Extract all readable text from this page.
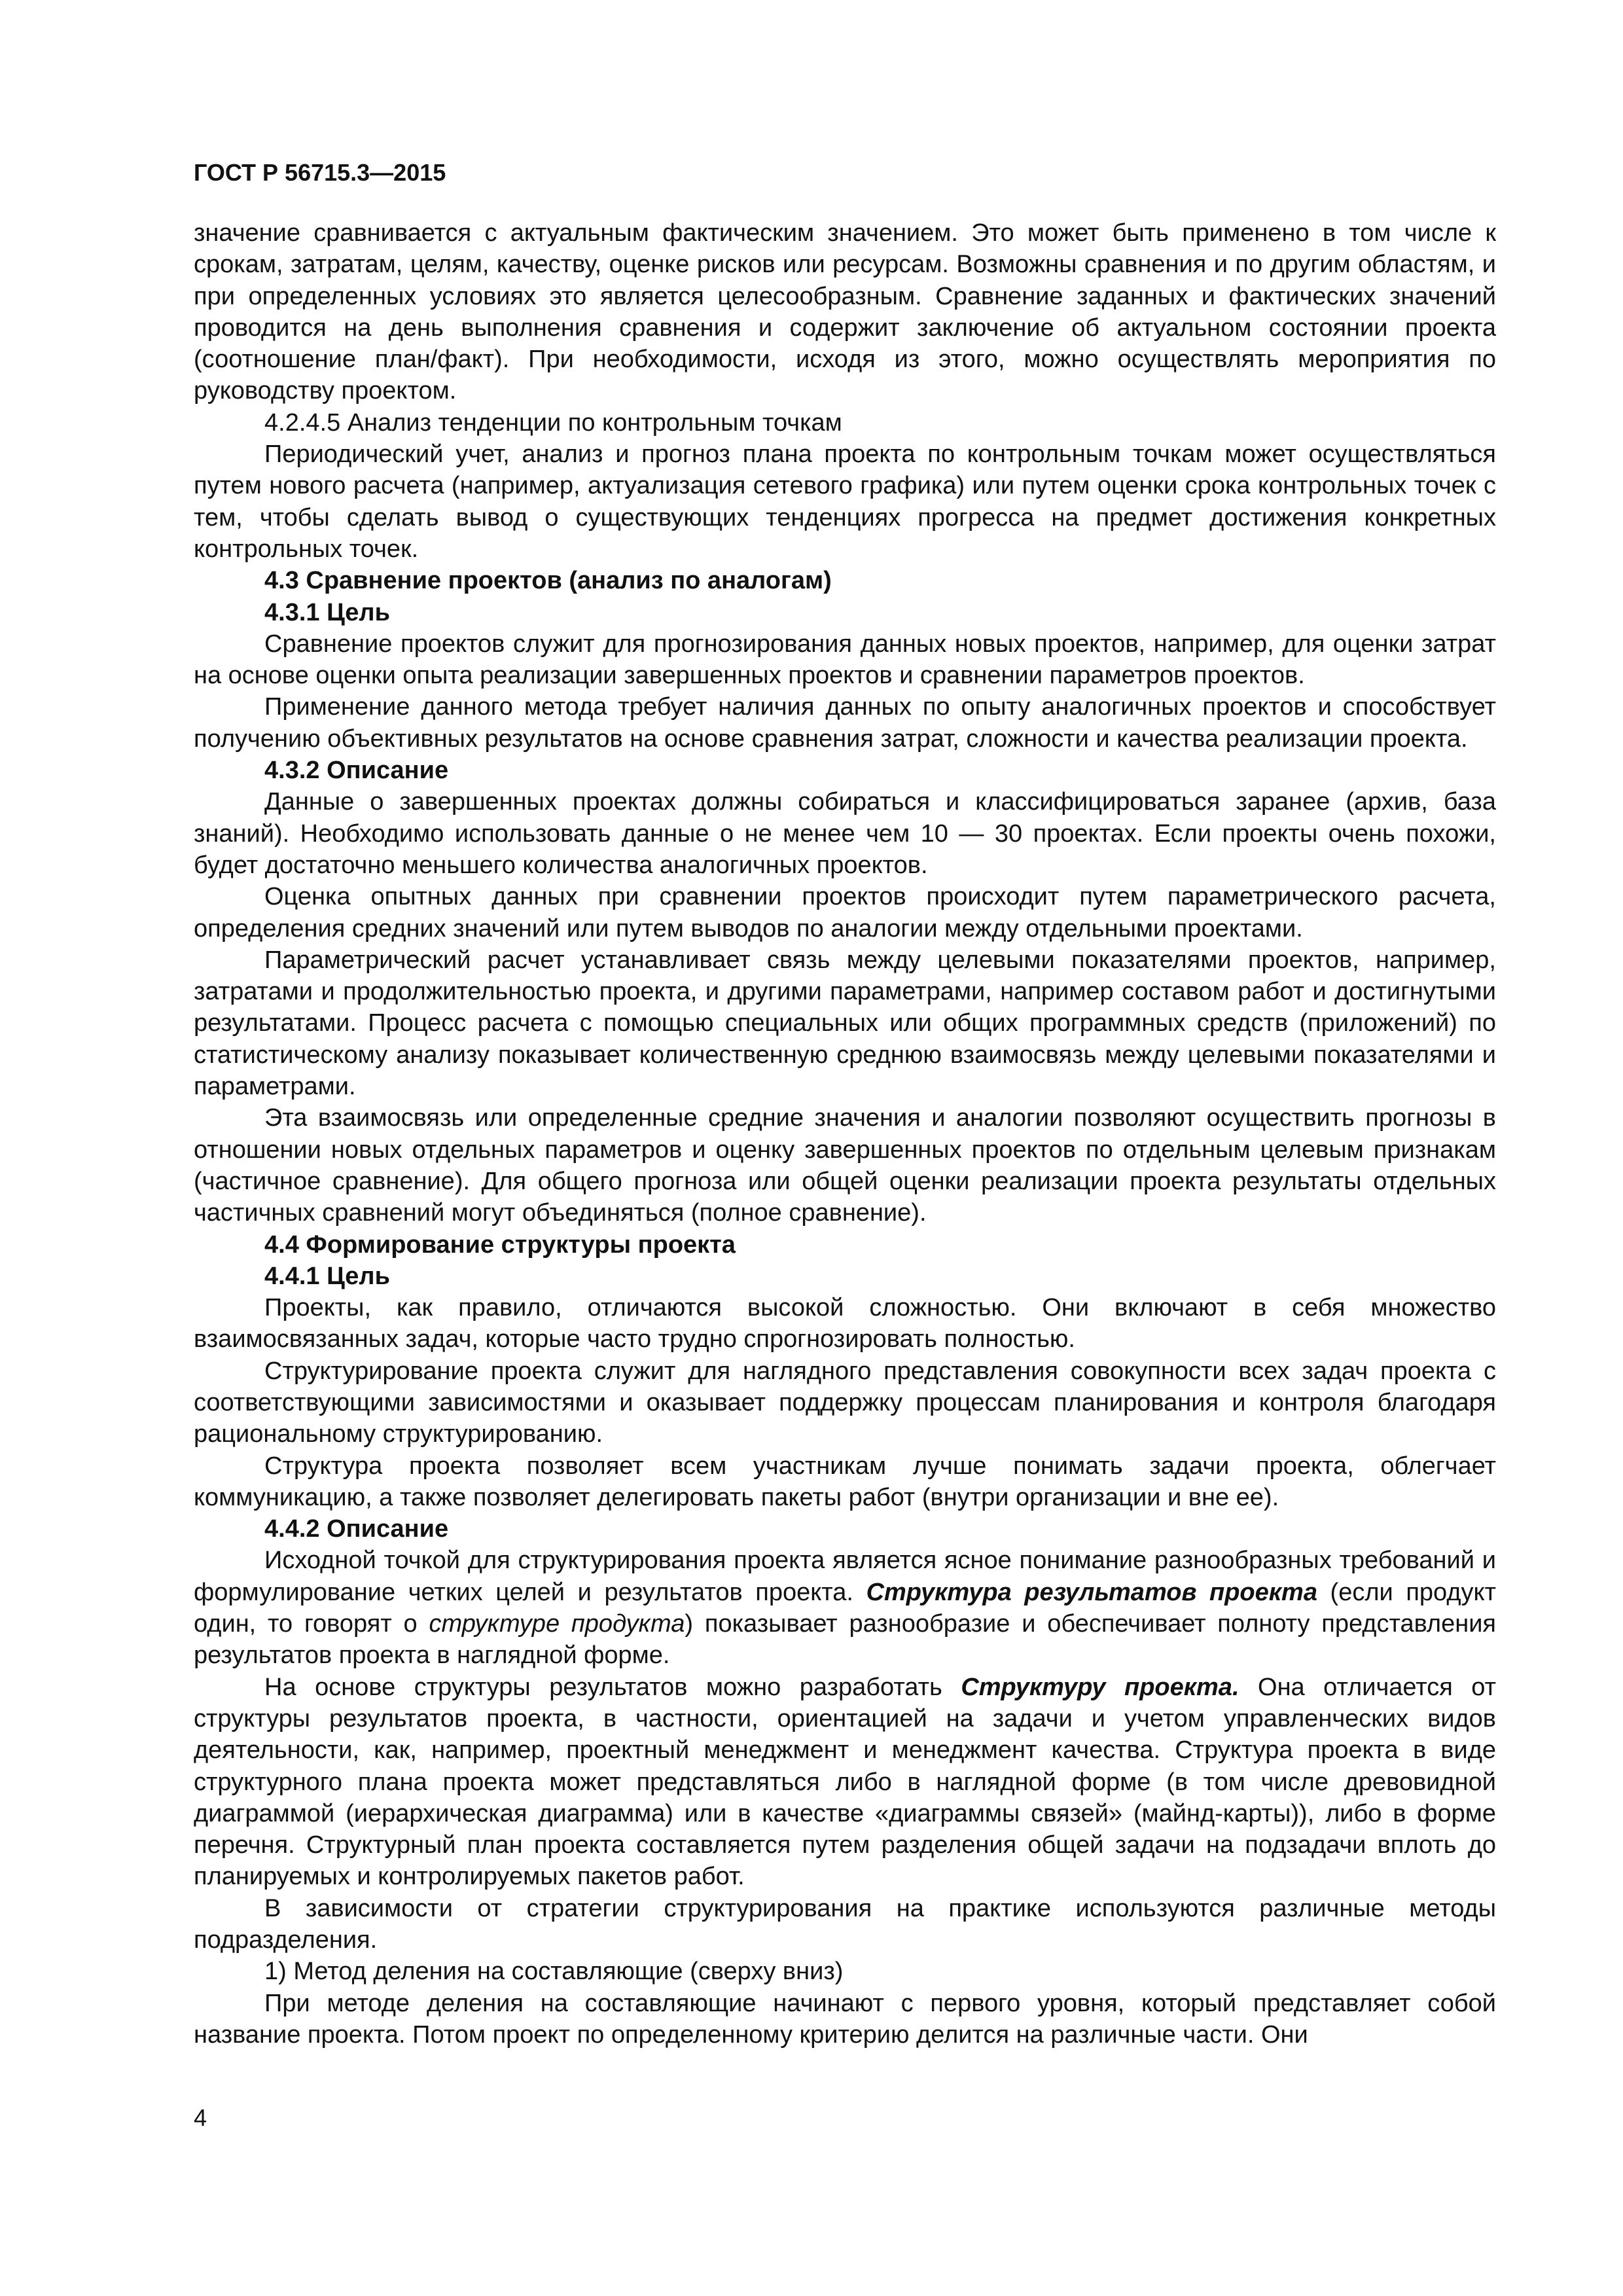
ГОСТ Р 56715.3—2015

значение сравнивается с актуальным фактическим значением. Это может быть применено в том числе к срокам, затратам, целям, качеству, оценке рисков или ресурсам. Возможны сравнения и по другим областям, и при определенных условиях это является целесообразным. Сравнение заданных и фактических значений проводится на день выполнения сравнения и содержит заключение об актуальном состоянии проекта (соотношение план/факт). При необходимости, исходя из этого, можно осуществлять мероприятия по руководству проектом.

4.2.4.5 Анализ тенденции по контрольным точкам

Периодический учет, анализ и прогноз плана проекта по контрольным точкам может осуществляться путем нового расчета (например, актуализация сетевого графика) или путем оценки срока контрольных точек с тем, чтобы сделать вывод о существующих тенденциях прогресса на предмет достижения конкретных контрольных точек.

4.3 Сравнение проектов (анализ по аналогам)

4.3.1 Цель

Сравнение проектов служит для прогнозирования данных новых проектов, например, для оценки затрат на основе оценки опыта реализации завершенных проектов и сравнении параметров проектов.

Применение данного метода требует наличия данных по опыту аналогичных проектов и способствует получению объективных результатов на основе сравнения затрат, сложности и качества реализации проекта.

4.3.2 Описание

Данные о завершенных проектах должны собираться и классифицироваться заранее (архив, база знаний). Необходимо использовать данные о не менее чем 10 — 30 проектах. Если проекты очень похожи, будет достаточно меньшего количества аналогичных проектов.

Оценка опытных данных при сравнении проектов происходит путем параметрического расчета, определения средних значений или путем выводов по аналогии между отдельными проектами.

Параметрический расчет устанавливает связь между целевыми показателями проектов, например, затратами и продолжительностью проекта, и другими параметрами, например составом работ и достигнутыми результатами. Процесс расчета с помощью специальных или общих программных средств (приложений) по статистическому анализу показывает количественную среднюю взаимосвязь между целевыми показателями и параметрами.

Эта взаимосвязь или определенные средние значения и аналогии позволяют осуществить прогнозы в отношении новых отдельных параметров и оценку завершенных проектов по отдельным целевым признакам (частичное сравнение). Для общего прогноза или общей оценки реализации проекта результаты отдельных частичных сравнений могут объединяться (полное сравнение).

4.4 Формирование структуры проекта

4.4.1 Цель

Проекты, как правило, отличаются высокой сложностью. Они включают в себя множество взаимосвязанных задач, которые часто трудно спрогнозировать полностью.

Структурирование проекта служит для наглядного представления совокупности всех задач проекта с соответствующими зависимостями и оказывает поддержку процессам планирования и контроля благодаря рациональному структурированию.

Структура проекта позволяет всем участникам лучше понимать задачи проекта, облегчает коммуникацию, а также позволяет делегировать пакеты работ (внутри организации и вне ее).

4.4.2 Описание

Исходной точкой для структурирования проекта является ясное понимание разнообразных требований и формулирование четких целей и результатов проекта. Структура результатов проекта (если продукт один, то говорят о структуре продукта) показывает разнообразие и обеспечивает полноту представления результатов проекта в наглядной форме.

На основе структуры результатов можно разработать Структуру проекта. Она отличается от структуры результатов проекта, в частности, ориентацией на задачи и учетом управленческих видов деятельности, как, например, проектный менеджмент и менеджмент качества. Структура проекта в виде структурного плана проекта может представляться либо в наглядной форме (в том числе древовидной диаграммой (иерархическая диаграмма) или в качестве «диаграммы связей» (майнд-карты)), либо в форме перечня. Структурный план проекта составляется путем разделения общей задачи на подзадачи вплоть до планируемых и контролируемых пакетов работ.

В зависимости от стратегии структурирования на практике используются различные методы подразделения.

1) Метод деления на составляющие (сверху вниз)

При методе деления на составляющие начинают с первого уровня, который представляет собой название проекта. Потом проект по определенному критерию делится на различные части. Они

4
